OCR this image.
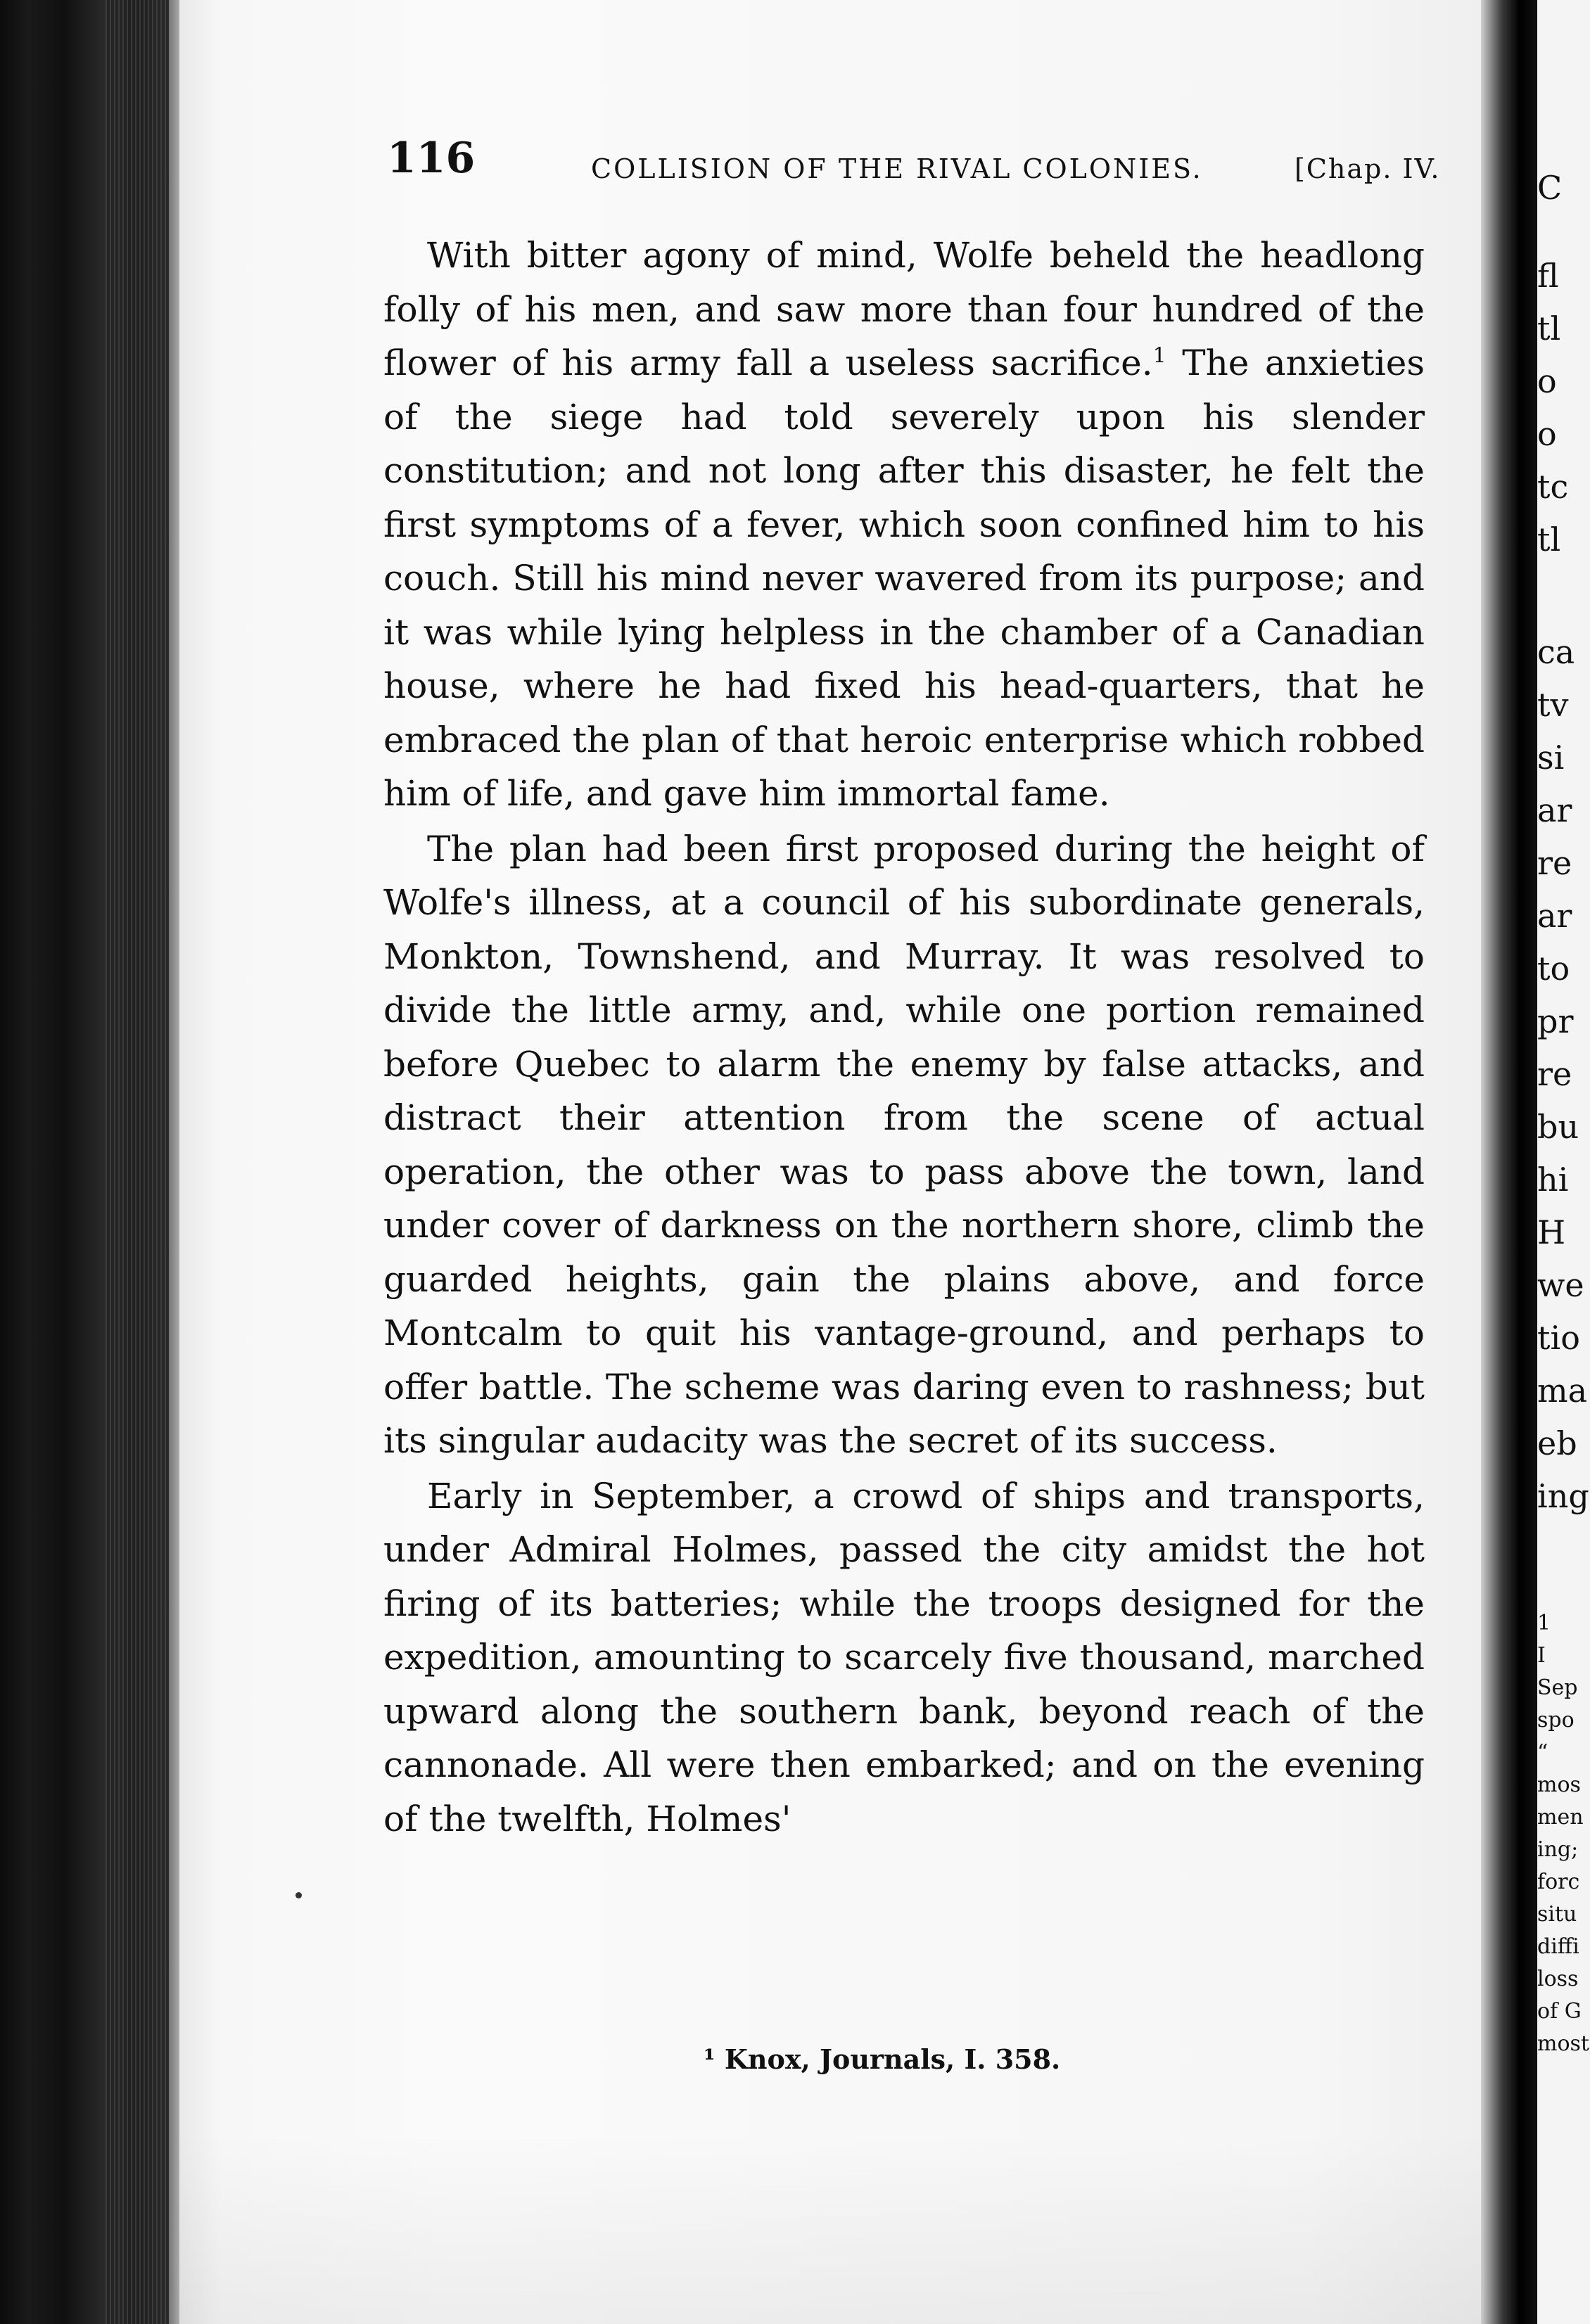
116	COLLISION OF THE RIVAL COLONIES.	[Chap. IV.

With bitter agony of mind, Wolfe beheld the headlong folly of his men, and saw more than four hundred of the flower of his army fall a useless sacrifice.$^1$ The anxieties of the siege had told severely upon his slender constitution; and not long after this disaster, he felt the first symptoms of a fever, which soon confined him to his couch. Still his mind never wavered from its purpose; and it was while lying helpless in the chamber of a Canadian house, where he had fixed his head-quarters, that he embraced the plan of that heroic enterprise which robbed him of life, and gave him immortal fame.

The plan had been first proposed during the height of Wolfe's illness, at a council of his subordinate generals, Monkton, Townshend, and Murray. It was resolved to divide the little army, and, while one portion remained before Quebec to alarm the enemy by false attacks, and distract their attention from the scene of actual operation, the other was to pass above the town, land under cover of darkness on the northern shore, climb the guarded heights, gain the plains above, and force Montcalm to quit his vantage-ground, and perhaps to offer battle. The scheme was daring even to rashness; but its singular audacity was the secret of its success.

Early in September, a crowd of ships and transports, under Admiral Holmes, passed the city amidst the hot firing of its batteries; while the troops designed for the expedition, amounting to scarcely five thousand, marched upward along the southern bank, beyond reach of the cannonade. All were then embarked; and on the evening of the twelfth, Holmes'

¹ Knox, Journals, I. 358.
C
fl
tl
o
o
tc
tl
ca
tv
si
ar
re
ar
to
pr
re
bu
hi
H
we
tio
ma
eb
ing
1
I
Sep
spo
“
mos
men
ing;
forc
situ
diffi
loss
of G
most
